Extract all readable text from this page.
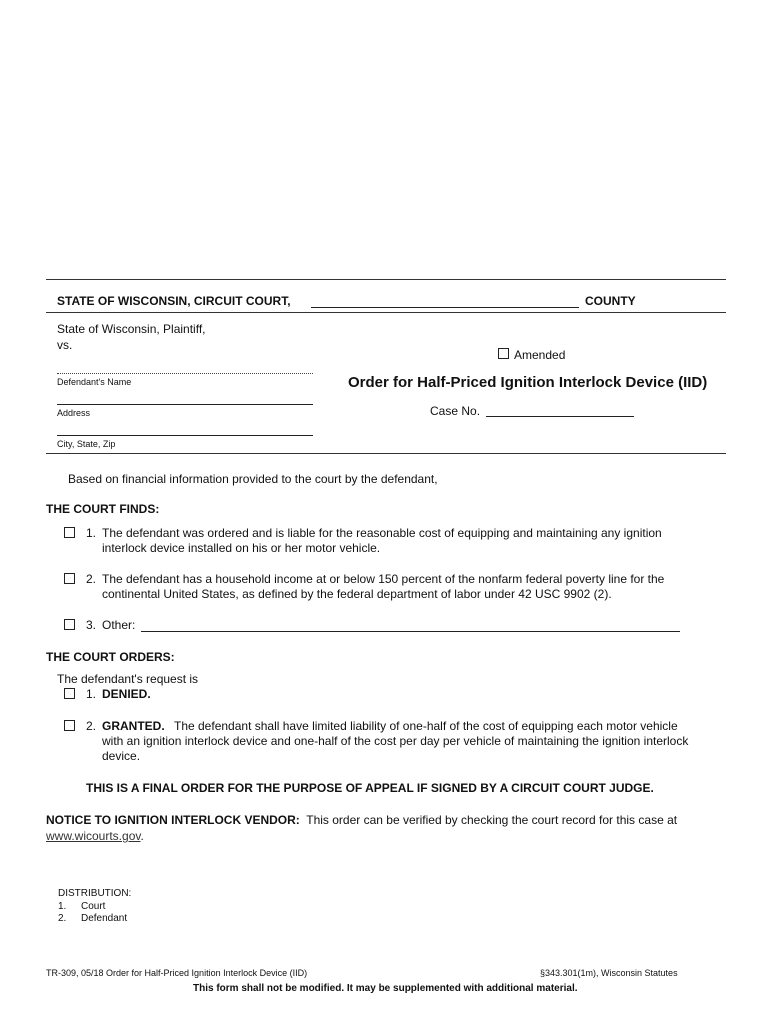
STATE OF WISCONSIN, CIRCUIT COURT,	COUNTY
State of Wisconsin, Plaintiff,
vs.
Amended
Defendant's Name	Order for Half-Priced Ignition Interlock Device (IID)
Address	Case No.
City, State, Zip
Based on financial information provided to the court by the defendant,
THE COURT FINDS:
1. The defendant was ordered and is liable for the reasonable cost of equipping and maintaining any ignition
interlock device installed on his or her motor vehicle.
2. The defendant has a household income at or below 150 percent of the nonfarm federal poverty line for the
continental United States, as defined by the federal department of labor under 42 USC 9902 (2).
3. Other:
THE COURT ORDERS:
The defendant's request is
1. DENIED.
2. GRANTED. The defendant shall have limited liability of one-half of the cost of equipping each motor vehicle
with an ignition interlock device and one-half of the cost per day per vehicle of maintaining the ignition interlock
device.
THIS IS A FINAL ORDER FOR THE PURPOSE OF APPEAL IF SIGNED BY A CIRCUIT COURT JUDGE.
NOTICE TO IGNITION INTERLOCK VENDOR: This order can be verified by checking the court record for this case at
www.wicourts.gov.
DISTRIBUTION:
1. Court
2. Defendant
TR-309, 05/18 Order for Half-Priced Ignition Interlock Device (IID)	§343.301(1m), Wisconsin Statutes
This form shall not be modified. It may be supplemented with additional material.
